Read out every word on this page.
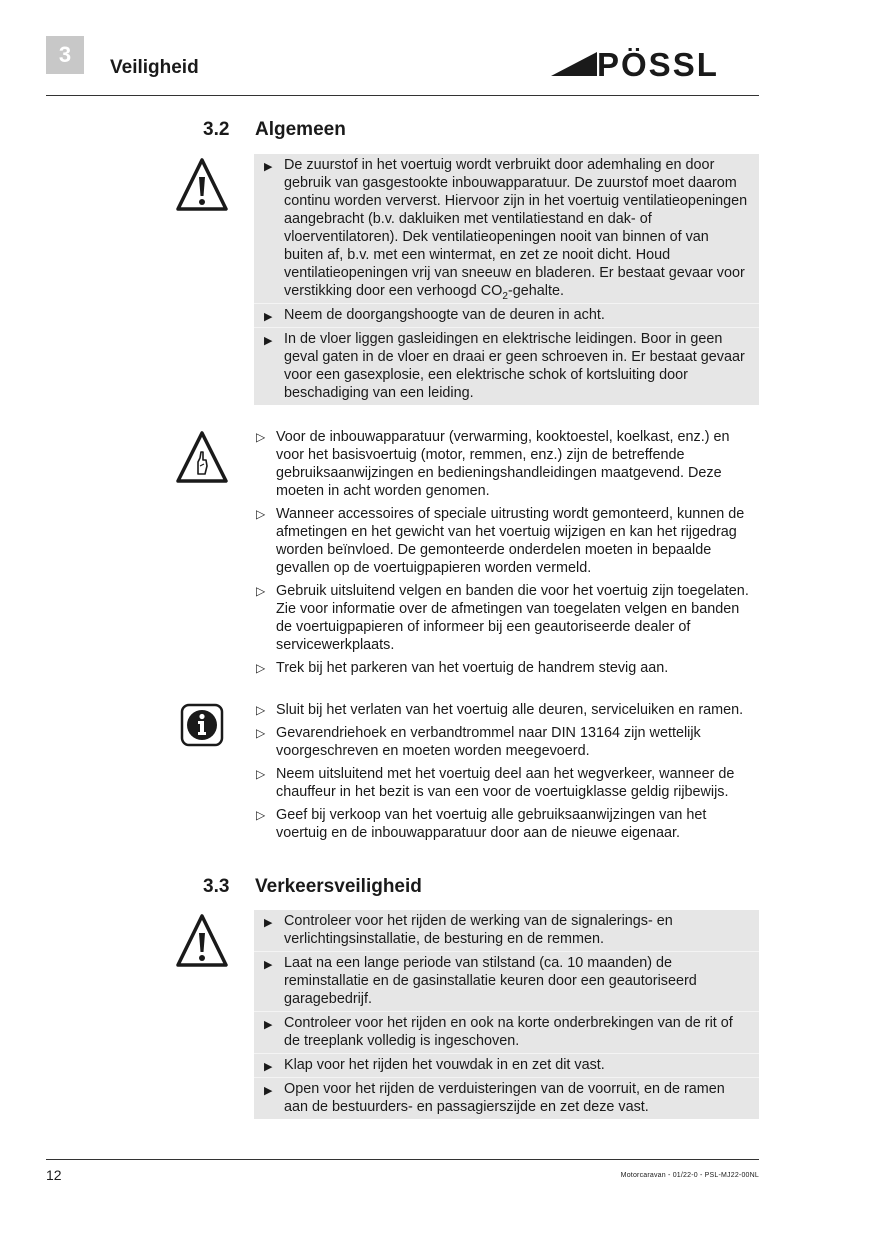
3
Veiligheid	PÖSSL
3.2 Algemeen
▶ De zuurstof in het voertuig wordt verbruikt door ademhaling en door gebruik van gasgestookte inbouwapparatuur. De zuurstof moet daarom continu worden ververst. Hiervoor zijn in het voertuig ventilatieopeningen aangebracht (b.v. dakluiken met ventilatiestand en dak- of vloerventilatoren). Dek ventilatieopeningen nooit van binnen of van buiten af, b.v. met een wintermat, en zet ze nooit dicht. Houd ventilatieopeningen vrij van sneeuw en bladeren. Er bestaat gevaar voor verstikking door een verhoogd $CO_2$-gehalte.
▶ Neem de doorgangshoogte van de deuren in acht.
▶ In de vloer liggen gasleidingen en elektrische leidingen. Boor in geen geval gaten in de vloer en draai er geen schroeven in. Er bestaat gevaar voor een gasexplosie, een elektrische schok of kortsluiting door beschadiging van een leiding.
▷ Voor de inbouwapparatuur (verwarming, kooktoestel, koelkast, enz.) en voor het basisvoertuig (motor, remmen, enz.) zijn de betreffende gebruiksaanwijzingen en bedieningshandleidingen maatgevend. Deze moeten in acht worden genomen.
▷ Wanneer accessoires of speciale uitrusting wordt gemonteerd, kunnen de afmetingen en het gewicht van het voertuig wijzigen en kan het rijgedrag worden beïnvloed. De gemonteerde onderdelen moeten in bepaalde gevallen op de voertuigpapieren worden vermeld.
▷ Gebruik uitsluitend velgen en banden die voor het voertuig zijn toegelaten. Zie voor informatie over de afmetingen van toegelaten velgen en banden de voertuigpapieren of informeer bij een geautoriseerde dealer of servicewerkplaats.
▷ Trek bij het parkeren van het voertuig de handrem stevig aan.
▷ Sluit bij het verlaten van het voertuig alle deuren, serviceluiken en ramen.
▷ Gevarendriehoek en verbandtrommel naar DIN 13164 zijn wettelijk voorgeschreven en moeten worden meegevoerd.
▷ Neem uitsluitend met het voertuig deel aan het wegverkeer, wanneer de chauffeur in het bezit is van een voor de voertuigklasse geldig rijbewijs.
▷ Geef bij verkoop van het voertuig alle gebruiksaanwijzingen van het voertuig en de inbouwapparatuur door aan de nieuwe eigenaar.
3.3 Verkeersveiligheid
▶ Controleer voor het rijden de werking van de signalerings- en verlichtingsinstallatie, de besturing en de remmen.
▶ Laat na een lange periode van stilstand (ca. 10 maanden) de reminstallatie en de gasinstallatie keuren door een geautoriseerd garagebedrijf.
▶ Controleer voor het rijden en ook na korte onderbrekingen van de rit of de treeplank volledig is ingeschoven.
▶ Klap voor het rijden het vouwdak in en zet dit vast.
▶ Open voor het rijden de verduisteringen van de voorruit, en de ramen aan de bestuurders- en passagierszijde en zet deze vast.
12	Motorcaravan - 01/22-0 - PSL-MJ22-00NL
